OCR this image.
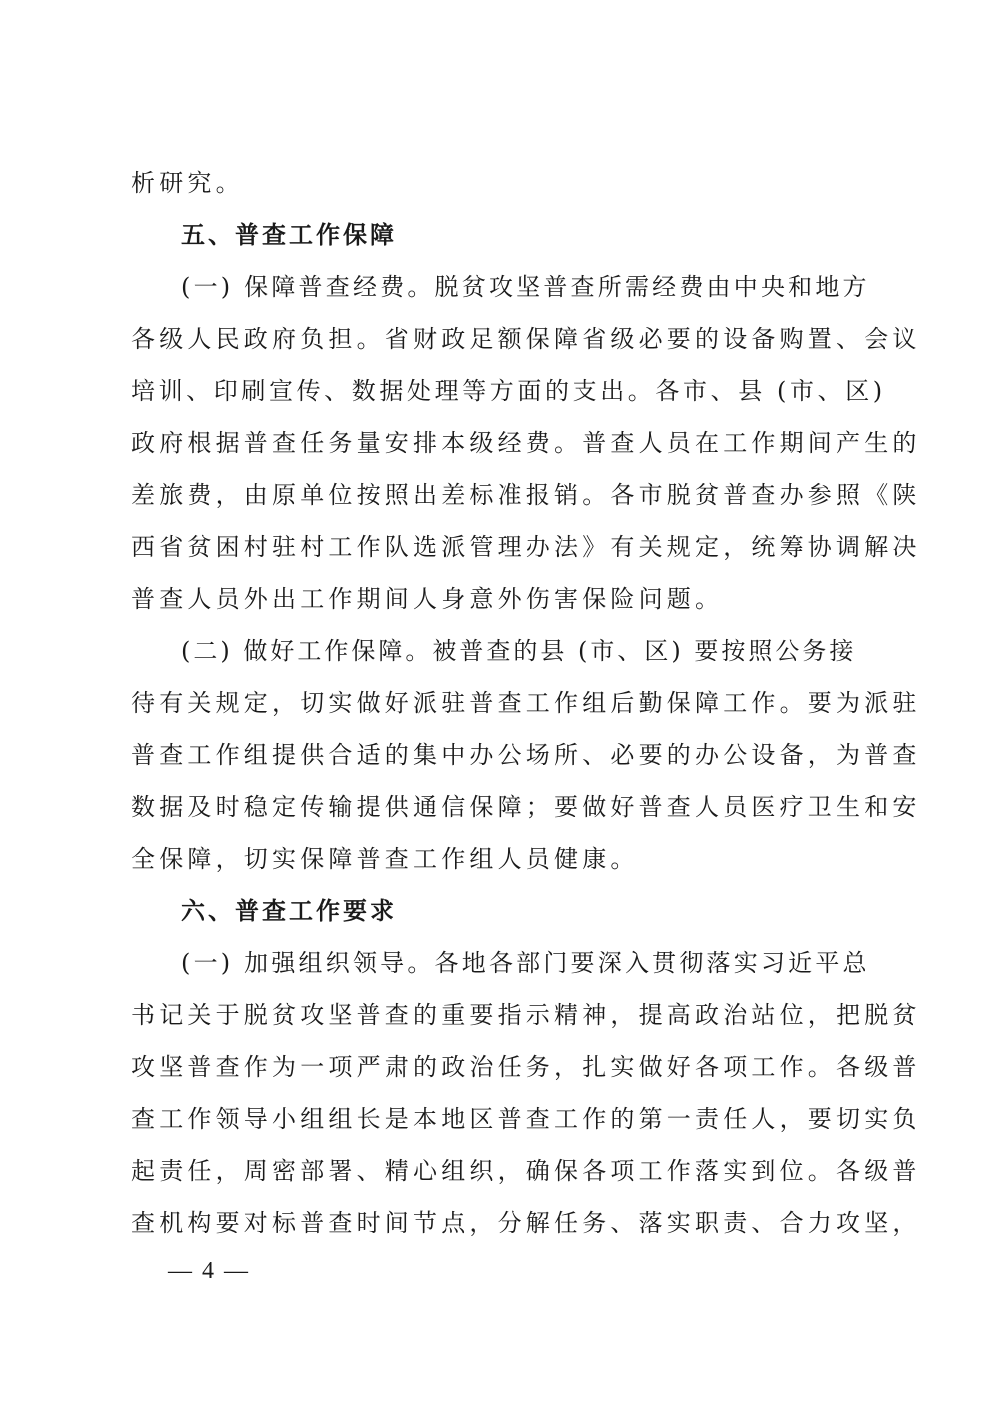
析研究。
五、普查工作保障
(一) 保障普查经费。脱贫攻坚普查所需经费由中央和地方
各级人民政府负担。省财政足额保障省级必要的设备购置、会议
培训、印刷宣传、数据处理等方面的支出。各市、县 (市、区)
政府根据普查任务量安排本级经费。普查人员在工作期间产生的
差旅费，由原单位按照出差标准报销。各市脱贫普查办参照《陕
西省贫困村驻村工作队选派管理办法》有关规定，统筹协调解决
普查人员外出工作期间人身意外伤害保险问题。
(二) 做好工作保障。被普查的县 (市、区) 要按照公务接
待有关规定，切实做好派驻普查工作组后勤保障工作。要为派驻
普查工作组提供合适的集中办公场所、必要的办公设备，为普查
数据及时稳定传输提供通信保障；要做好普查人员医疗卫生和安
全保障，切实保障普查工作组人员健康。
六、普查工作要求
(一) 加强组织领导。各地各部门要深入贯彻落实习近平总
书记关于脱贫攻坚普查的重要指示精神，提高政治站位，把脱贫
攻坚普查作为一项严肃的政治任务，扎实做好各项工作。各级普
查工作领导小组组长是本地区普查工作的第一责任人，要切实负
起责任，周密部署、精心组织，确保各项工作落实到位。各级普
查机构要对标普查时间节点，分解任务、落实职责、合力攻坚，
— 4 —
